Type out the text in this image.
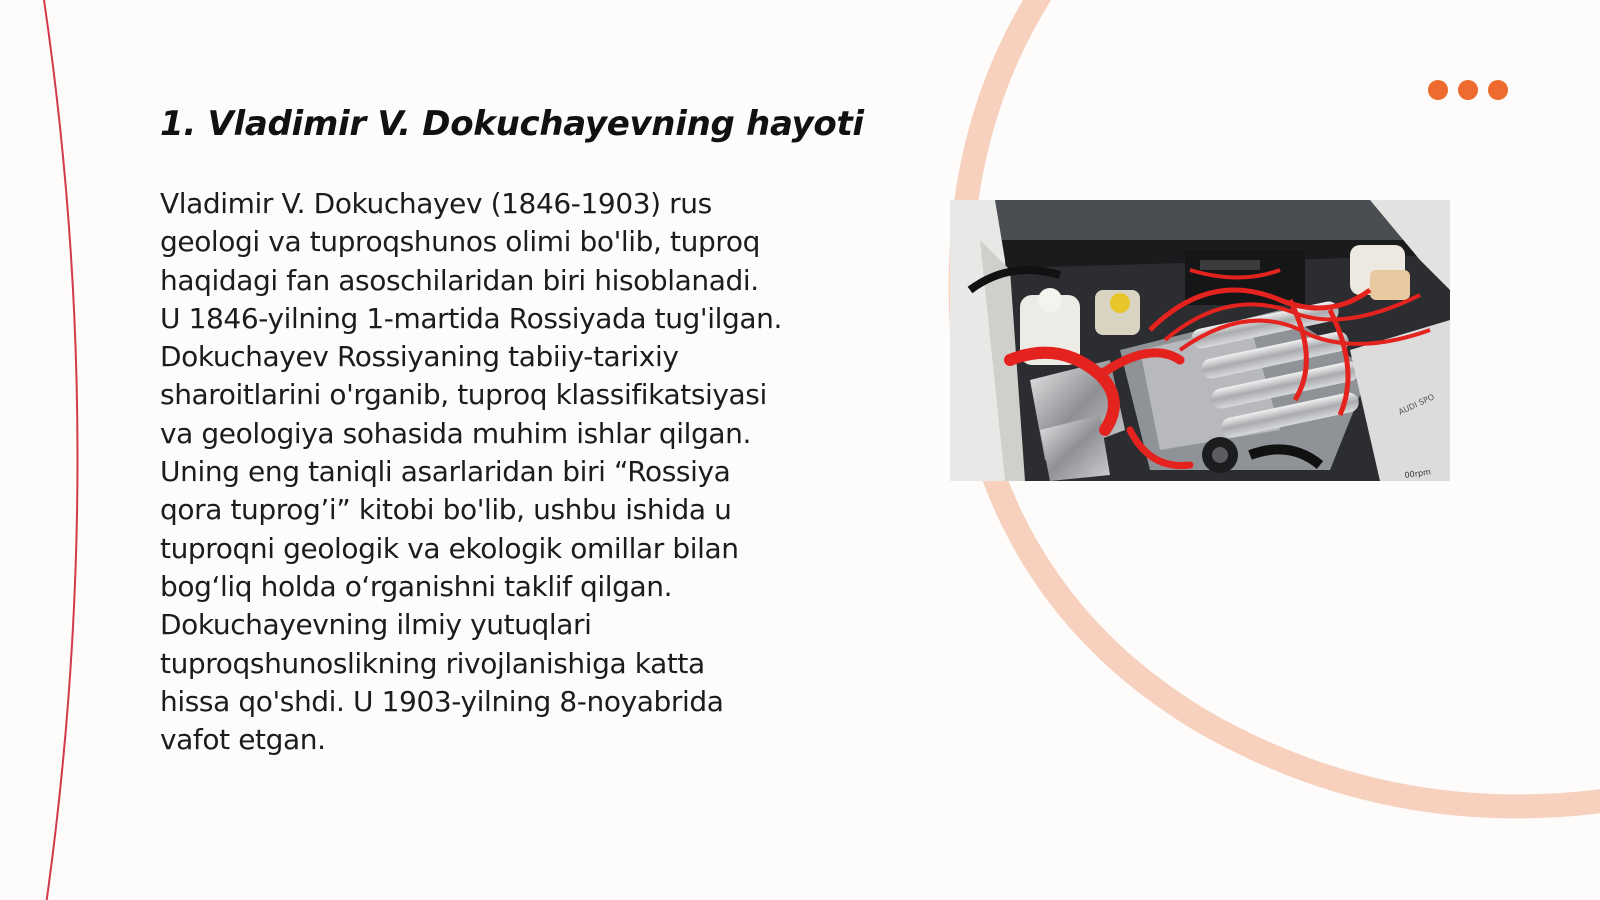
1. Vladimir V. Dokuchayevning hayoti

Vladimir V. Dokuchayev (1846-1903) rus
geologi va tuproqshunos olimi bo'lib, tuproq
haqidagi fan asoschilaridan biri hisoblanadi.
U 1846-yilning 1-martida Rossiyada tug'ilgan.
Dokuchayev Rossiyaning tabiiy-tarixiy
sharoitlarini o'rganib, tuproq klassifikatsiyasi
va geologiya sohasida muhim ishlar qilgan.
Uning eng taniqli asarlaridan biri “Rossiya
qora tuprog’i” kitobi bo'lib, ushbu ishida u
tuproqni geologik va ekologik omillar bilan
bog‘liq holda o‘rganishni taklif qilgan.
Dokuchayevning ilmiy yutuqlari
tuproqshunoslikning rivojlanishiga katta
hissa qo'shdi. U 1903-yilning 8-noyabrida
vafot etgan.

AUDI SPO
00rpm
